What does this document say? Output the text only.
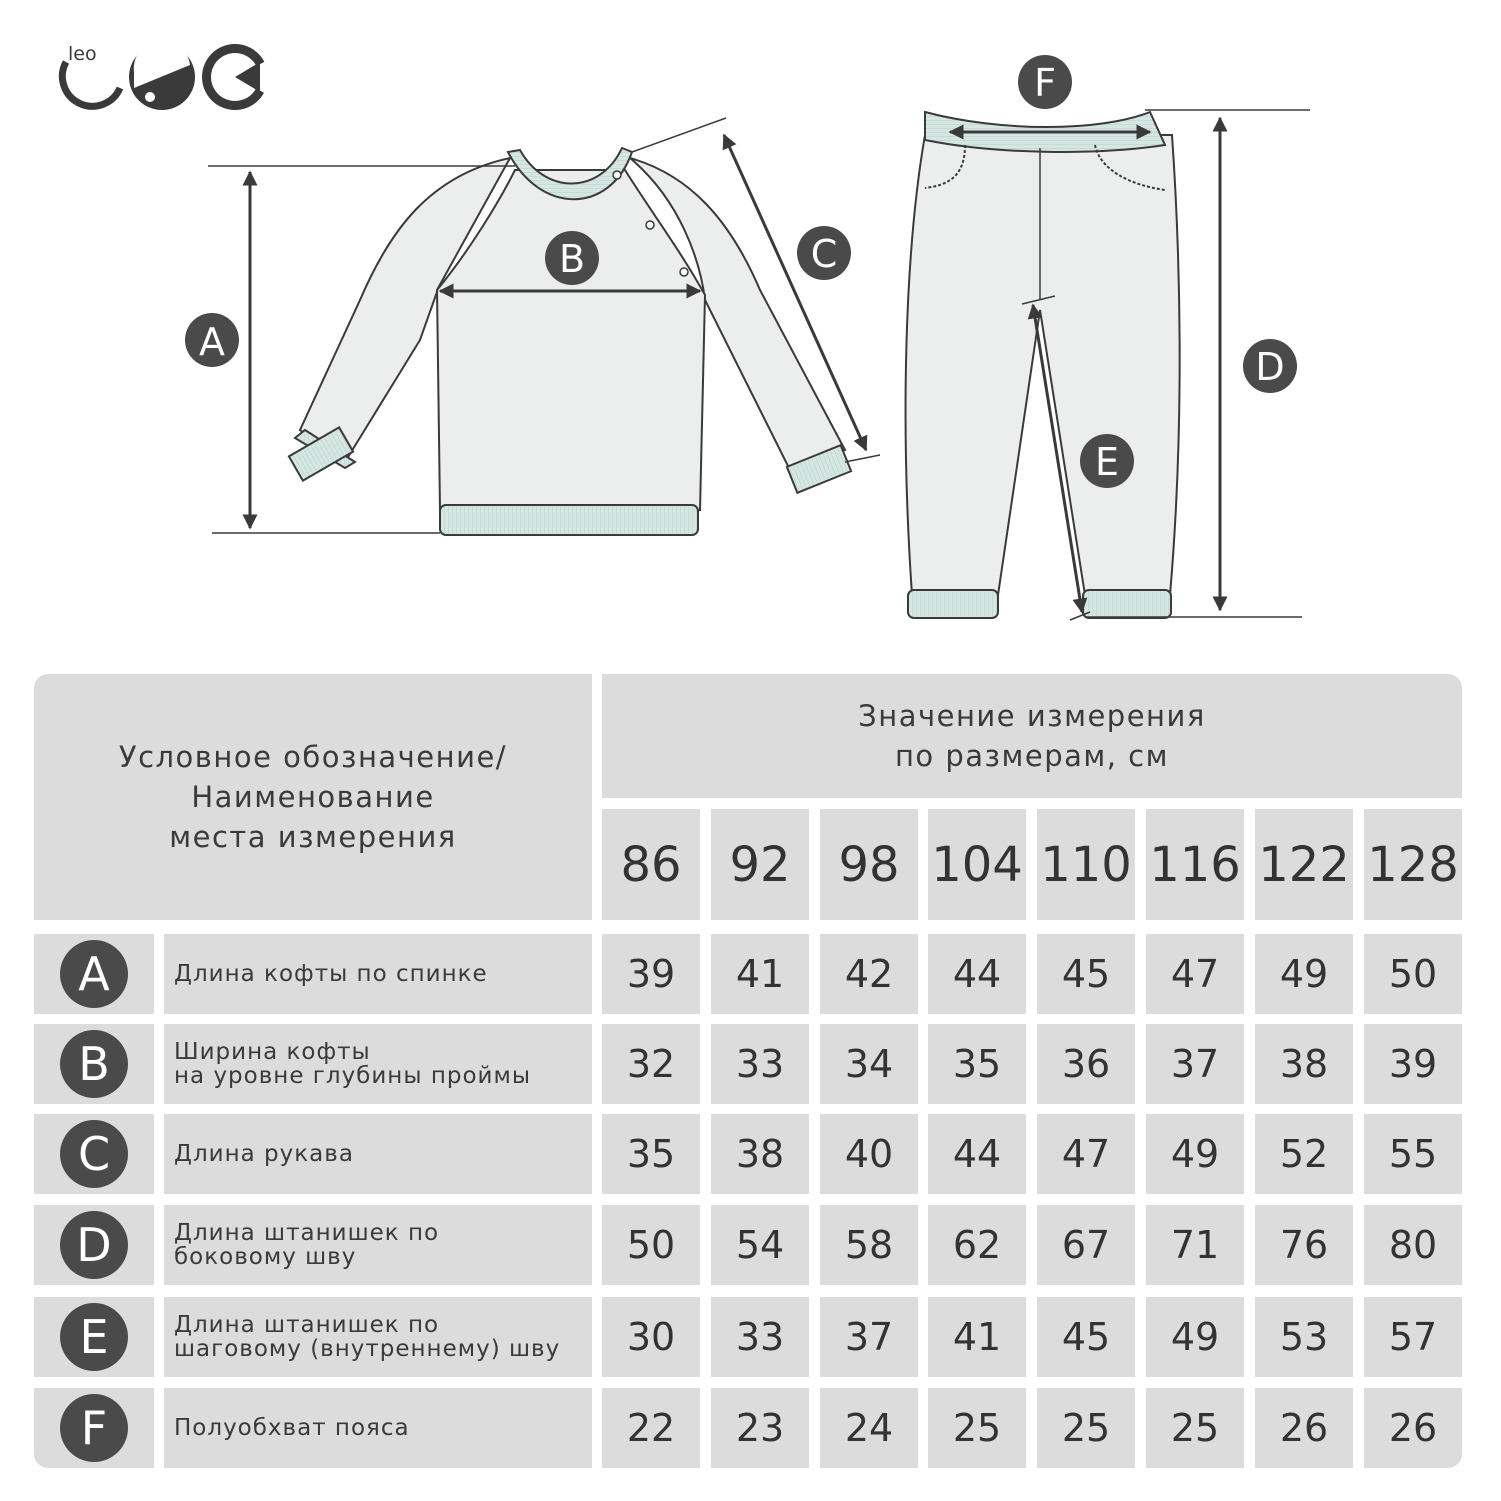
leo
A
B	C
D
E
F
Условное обозначение/
Наименование
места измерения
Значение измерения
по размерам, см
86 92 98 104 110 116 122 128
A	Длина кофты по спинке	39	41	42	44	45	47	49	50
B	Ширина кофты
на уровне глубины проймы	32	33	34	35	36	37	38	39
C	Длина рукава	35	38	40	44	47	49	52	55
D	Длина штанишек по
боковому шву	50	54	58	62	67	71	76	80
E	Длина штанишек по
шаговому (внутреннему) шву	30	33	37	41	45	49	53	57
F	Полуобхват пояса	22	23	24	25	25	25	26	26
